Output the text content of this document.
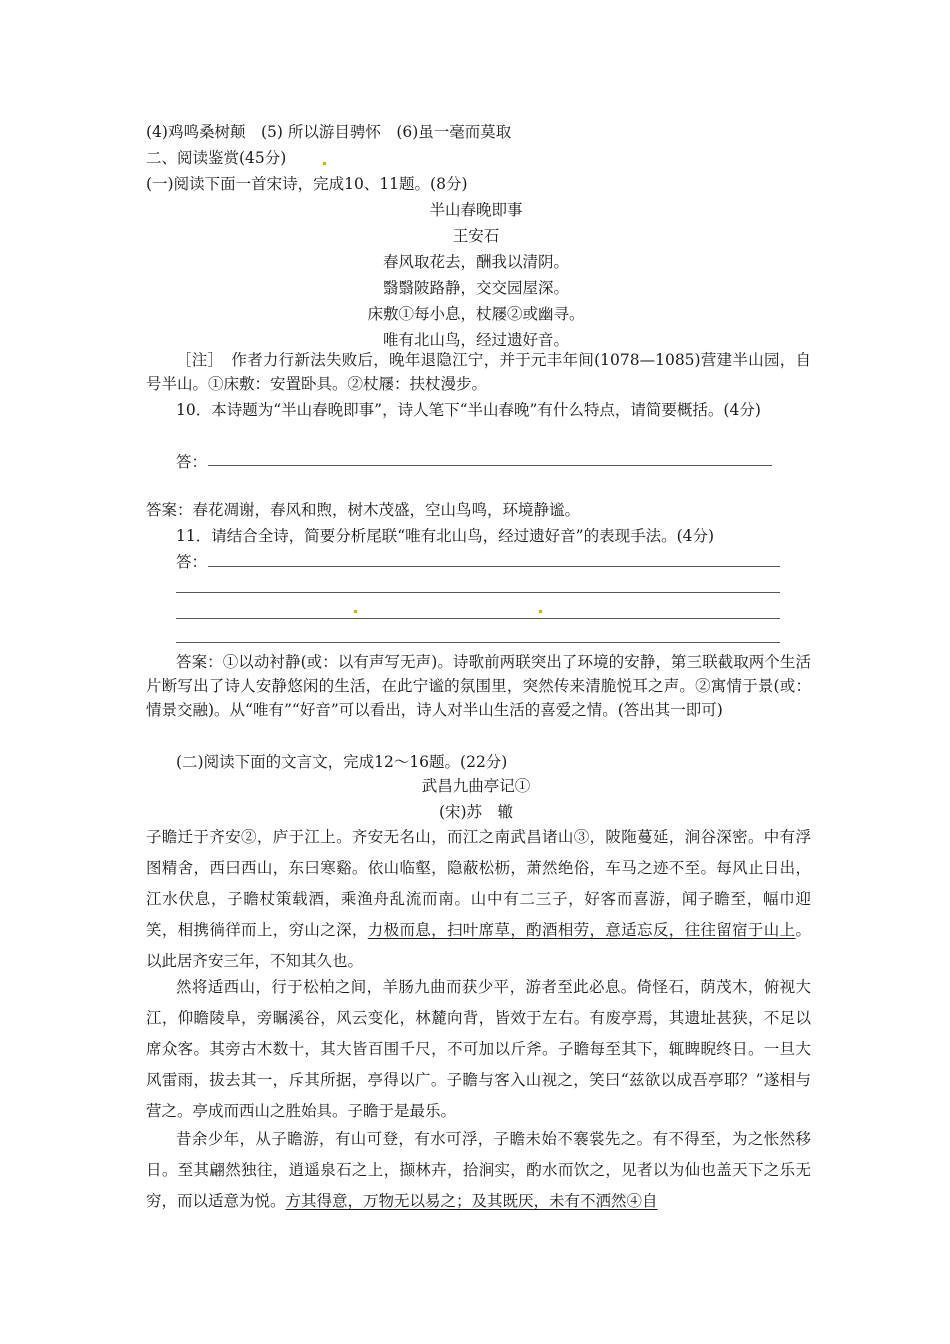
(4)鸡鸣桑树颠　(5) 所以游目骋怀　(6)虽一毫而莫取
二、阅读鉴赏(45分)
(一)阅读下面一首宋诗，完成10、11题。(8分)
半山春晚即事
王安石
春风取花去，酬我以清阴。
翳翳陂路静，交交园屋深。
床敷①每小息，杖屦②或幽寻。
唯有北山鸟，经过遗好音。
［注］　作者力行新法失败后，晚年退隐江宁，并于元丰年间(1078—1085)营建半山园，自号半山。①床敷：安置卧具。②杖屦：扶杖漫步。
10．本诗题为“半山春晚即事”，诗人笔下“半山春晚”有什么特点，请简要概括。(4分)
答：
答案：春花凋谢，春风和煦，树木茂盛，空山鸟鸣，环境静谧。
11．请结合全诗，简要分析尾联“唯有北山鸟，经过遗好音”的表现手法。(4分)
答：
答案：①以动衬静(或：以有声写无声)。诗歌前两联突出了环境的安静，第三联截取两个生活片断写出了诗人安静悠闲的生活，在此宁谧的氛围里，突然传来清脆悦耳之声。②寓情于景(或：情景交融)。从“唯有”“好音”可以看出，诗人对半山生活的喜爱之情。(答出其一即可)
(二)阅读下面的文言文，完成12～16题。(22分)
武昌九曲亭记①
(宋)苏　辙
子瞻迁于齐安②，庐于江上。齐安无名山，而江之南武昌诸山③，陂陁蔓延，涧谷深密。中有浮图精舍，西曰西山，东曰寒谿。依山临壑，隐蔽松枥，萧然绝俗，车马之迹不至。每风止日出，江水伏息，子瞻杖策载酒，乘渔舟乱流而南。山中有二三子，好客而喜游，闻子瞻至，幅巾迎笑，相携徜徉而上，穷山之深，力极而息，扫叶席草，酌酒相劳，意适忘反，往往留宿于山上。以此居齐安三年，不知其久也。
然将适西山，行于松柏之间，羊肠九曲而获少平，游者至此必息。倚怪石，荫茂木，俯视大江，仰瞻陵阜，旁瞩溪谷，风云变化，林麓向背，皆效于左右。有废亭焉，其遗址甚狭，不足以席众客。其旁古木数十，其大皆百围千尺，不可加以斤斧。子瞻每至其下，辄睥睨终日。一旦大风雷雨，拔去其一，斥其所据，亭得以广。子瞻与客入山视之，笑曰“兹欲以成吾亭耶？”遂相与营之。亭成而西山之胜始具。子瞻于是最乐。
昔余少年，从子瞻游，有山可登，有水可浮，子瞻未始不褰裳先之。有不得至，为之怅然移日。至其翩然独往，逍遥泉石之上，撷林卉，拾涧实，酌水而饮之，见者以为仙也盖天下之乐无穷，而以适意为悦。方其得意，万物无以易之；及其既厌，未有不洒然④自
